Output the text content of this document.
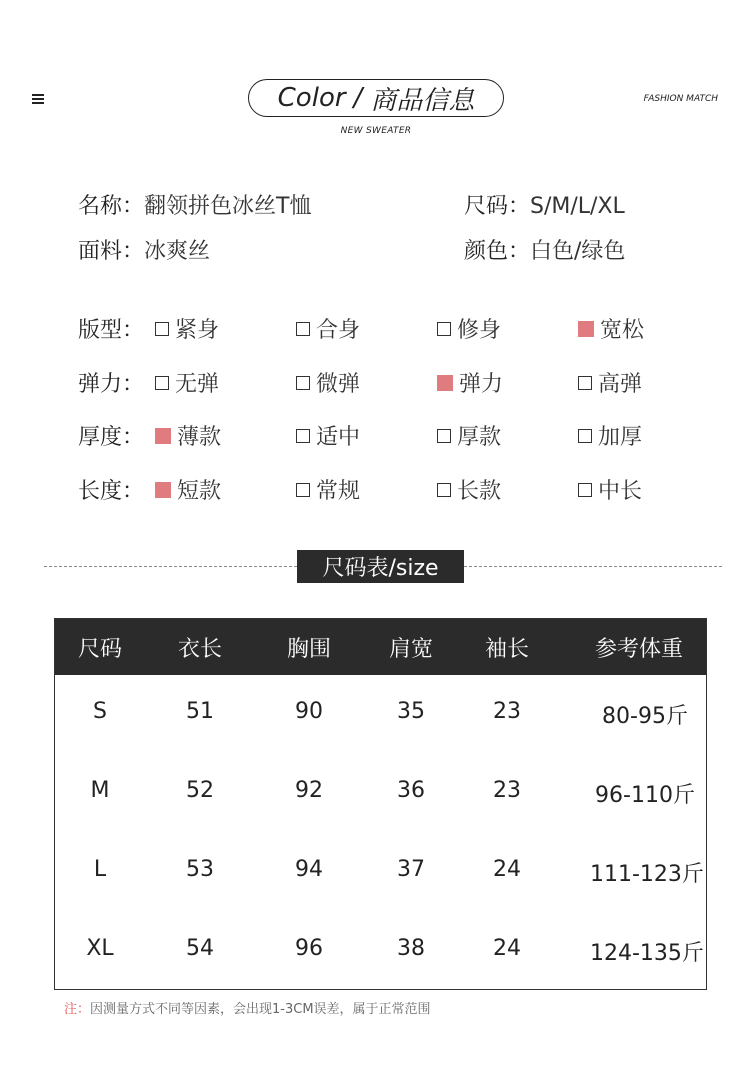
Color / 商品信息
NEW SWEATER
FASHION MATCH
名称：翻领拼色冰丝T恤	尺码：S/M/L/XL
面料：冰爽丝	颜色：白色/绿色
版型： 紧身	合身	修身	宽松
弹力： 无弹	微弹	弹力	高弹
厚度： 薄款	适中	厚款	加厚
长度： 短款	常规	长款	中长
尺码表/size
尺码	衣长	胸围	肩宽	袖长	参考体重
S	51	90	35	23	80-95斤
M	52	92	36	23	96-110斤
L	53	94	37	24	111-123斤
XL	54	96	38	24	124-135斤
注：因测量方式不同等因素，会出现1-3CM误差，属于正常范围
